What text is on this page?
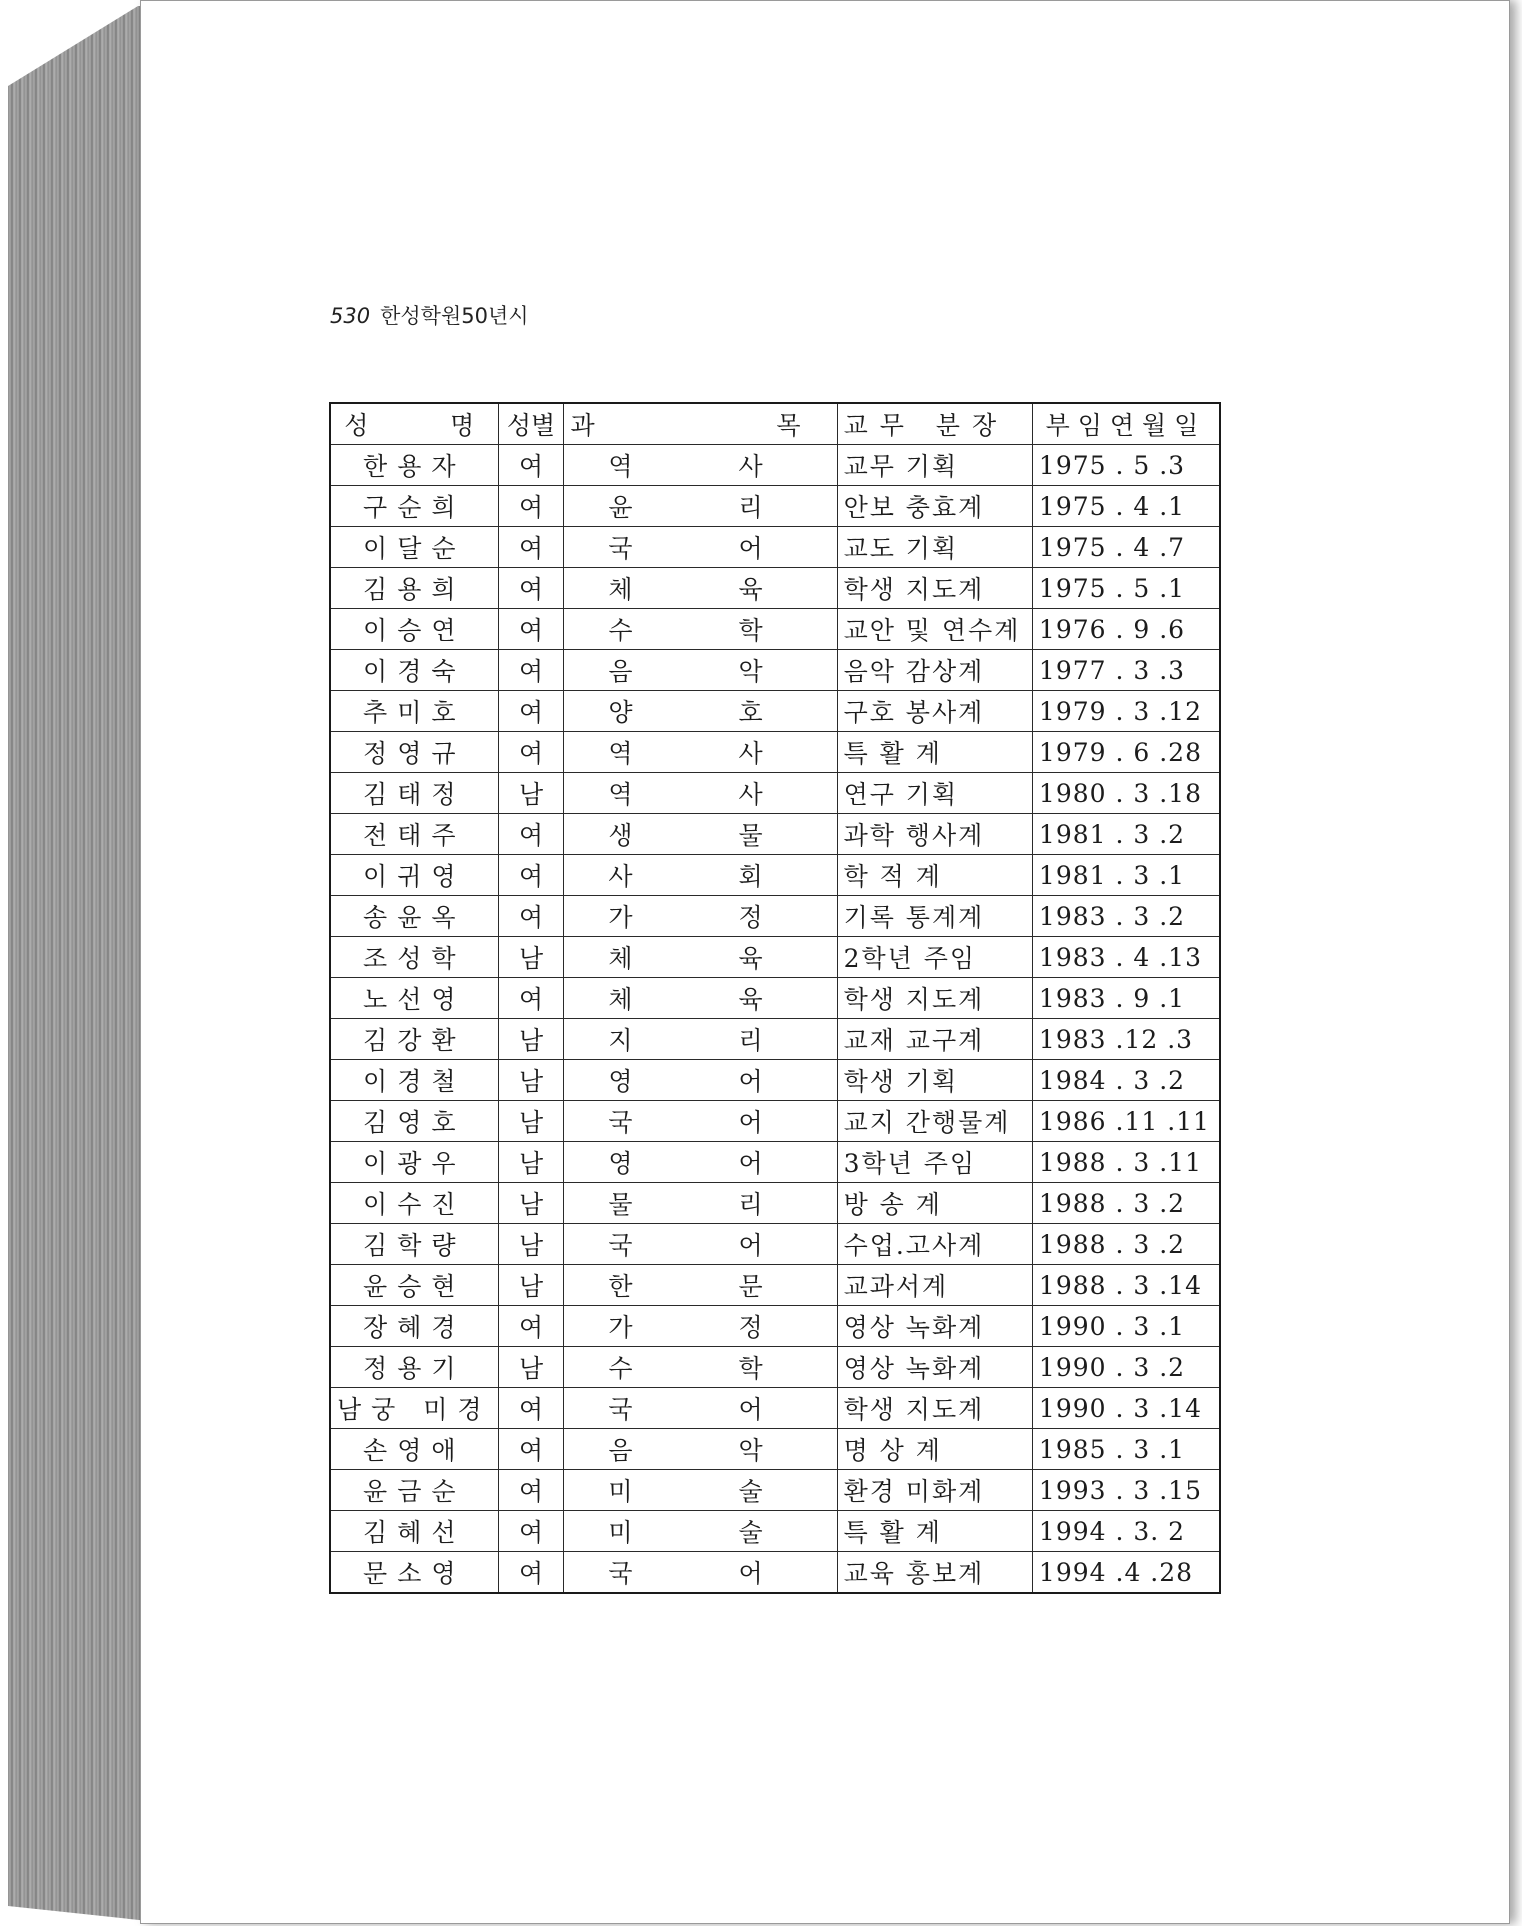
530 한성학원50년시
성    명	성별	과    목	교무 분장	부임연월일
한용자	여	역  사	교무 기획	1975 . 5 .3
구순희	여	윤  리	안보 충효계	1975 . 4 .1
이달순	여	국  어	교도 기획	1975 . 4 .7
김용희	여	체  육	학생 지도계	1975 . 5 .1
이승연	여	수  학	교안 및 연수계	1976 . 9 .6
이경숙	여	음  악	음악 감상계	1977 . 3 .3
추미호	여	양  호	구호 봉사계	1979 . 3 .12
정영규	여	역  사	특 활 계	1979 . 6 .28
김태정	남	역  사	연구 기획	1980 . 3 .18
전태주	여	생  물	과학 행사계	1981 . 3 .2
이귀영	여	사  회	학 적 계	1981 . 3 .1
송윤옥	여	가  정	기록 통계계	1983 . 3 .2
조성학	남	체  육	2학년 주임	1983 . 4 .13
노선영	여	체  육	학생 지도계	1983 . 9 .1
김강환	남	지  리	교재 교구계	1983 .12 .3
이경철	남	영  어	학생 기획	1984 . 3 .2
김영호	남	국  어	교지 간행물계	1986 .11 .11
이광우	남	영  어	3학년 주임	1988 . 3 .11
이수진	남	물  리	방 송 계	1988 . 3 .2
김학량	남	국  어	수업.고사계	1988 . 3 .2
윤승현	남	한  문	교과서계	1988 . 3 .14
장혜경	여	가  정	영상 녹화계	1990 . 3 .1
정용기	남	수  학	영상 녹화계	1990 . 3 .2
남궁 미경	여	국  어	학생 지도계	1990 . 3 .14
손영애	여	음  악	명 상 계	1985 . 3 .1
윤금순	여	미  술	환경 미화계	1993 . 3 .15
김혜선	여	미  술	특 활 계	1994 . 3. 2
문소영	여	국  어	교육 홍보계	1994 .4 .28
